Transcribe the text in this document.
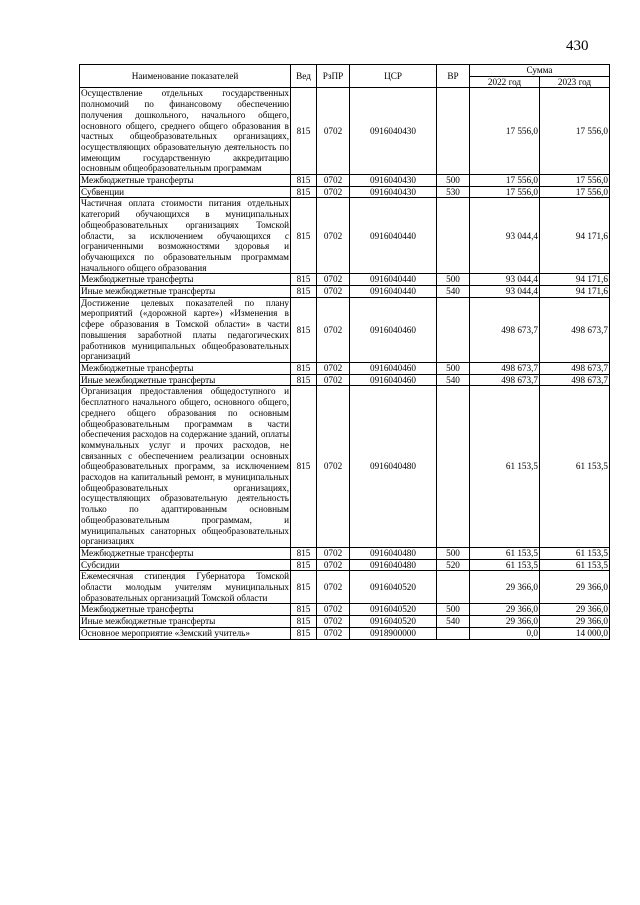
430
Наименование показателей	Вед	РзПР	ЦСР	ВР	Сумма	
					2022 год	2023 год
Осуществление отдельных государственных полномочий по финансовому обеспечению получения дошкольного, начального общего, основного общего, среднего общего образования в частных общеобразовательных организациях, осуществляющих образовательную деятельность по имеющим государственную аккредитацию основным общеобразовательным программам	815	0702	0916040430		17 556,0	17 556,0
Межбюджетные трансферты	815	0702	0916040430	500	17 556,0	17 556,0
Субвенции	815	0702	0916040430	530	17 556,0	17 556,0
Частичная оплата стоимости питания отдельных категорий обучающихся в муниципальных общеобразовательных организациях Томской области, за исключением обучающихся с ограниченными возможностями здоровья и обучающихся по образовательным программам начального общего образования	815	0702	0916040440		93 044,4	94 171,6
Межбюджетные трансферты	815	0702	0916040440	500	93 044,4	94 171,6
Иные межбюджетные трансферты	815	0702	0916040440	540	93 044,4	94 171,6
Достижение целевых показателей по плану мероприятий («дорожной карте») «Изменения в сфере образования в Томской области» в части повышения заработной платы педагогических работников муниципальных общеобразовательных организаций	815	0702	0916040460		498 673,7	498 673,7
Межбюджетные трансферты	815	0702	0916040460	500	498 673,7	498 673,7
Иные межбюджетные трансферты	815	0702	0916040460	540	498 673,7	498 673,7
Организация предоставления общедоступного и бесплатного начального общего, основного общего, среднего общего образования по основным общеобразовательным программам в части обеспечения расходов на содержание зданий, оплаты коммунальных услуг и прочих расходов, не связанных с обеспечением реализации основных общеобразовательных программ, за исключением расходов на капитальный ремонт, в муниципальных общеобразовательных организациях, осуществляющих образовательную деятельность только по адаптированным основным общеобразовательным программам, и муниципальных санаторных общеобразовательных организациях	815	0702	0916040480		61 153,5	61 153,5
Межбюджетные трансферты	815	0702	0916040480	500	61 153,5	61 153,5
Субсидии	815	0702	0916040480	520	61 153,5	61 153,5
Ежемесячная стипендия Губернатора Томской области молодым учителям муниципальных образовательных организаций Томской области	815	0702	0916040520		29 366,0	29 366,0
Межбюджетные трансферты	815	0702	0916040520	500	29 366,0	29 366,0
Иные межбюджетные трансферты	815	0702	0916040520	540	29 366,0	29 366,0
Основное мероприятие «Земский учитель»	815	0702	0918900000		0,0	14 000,0
